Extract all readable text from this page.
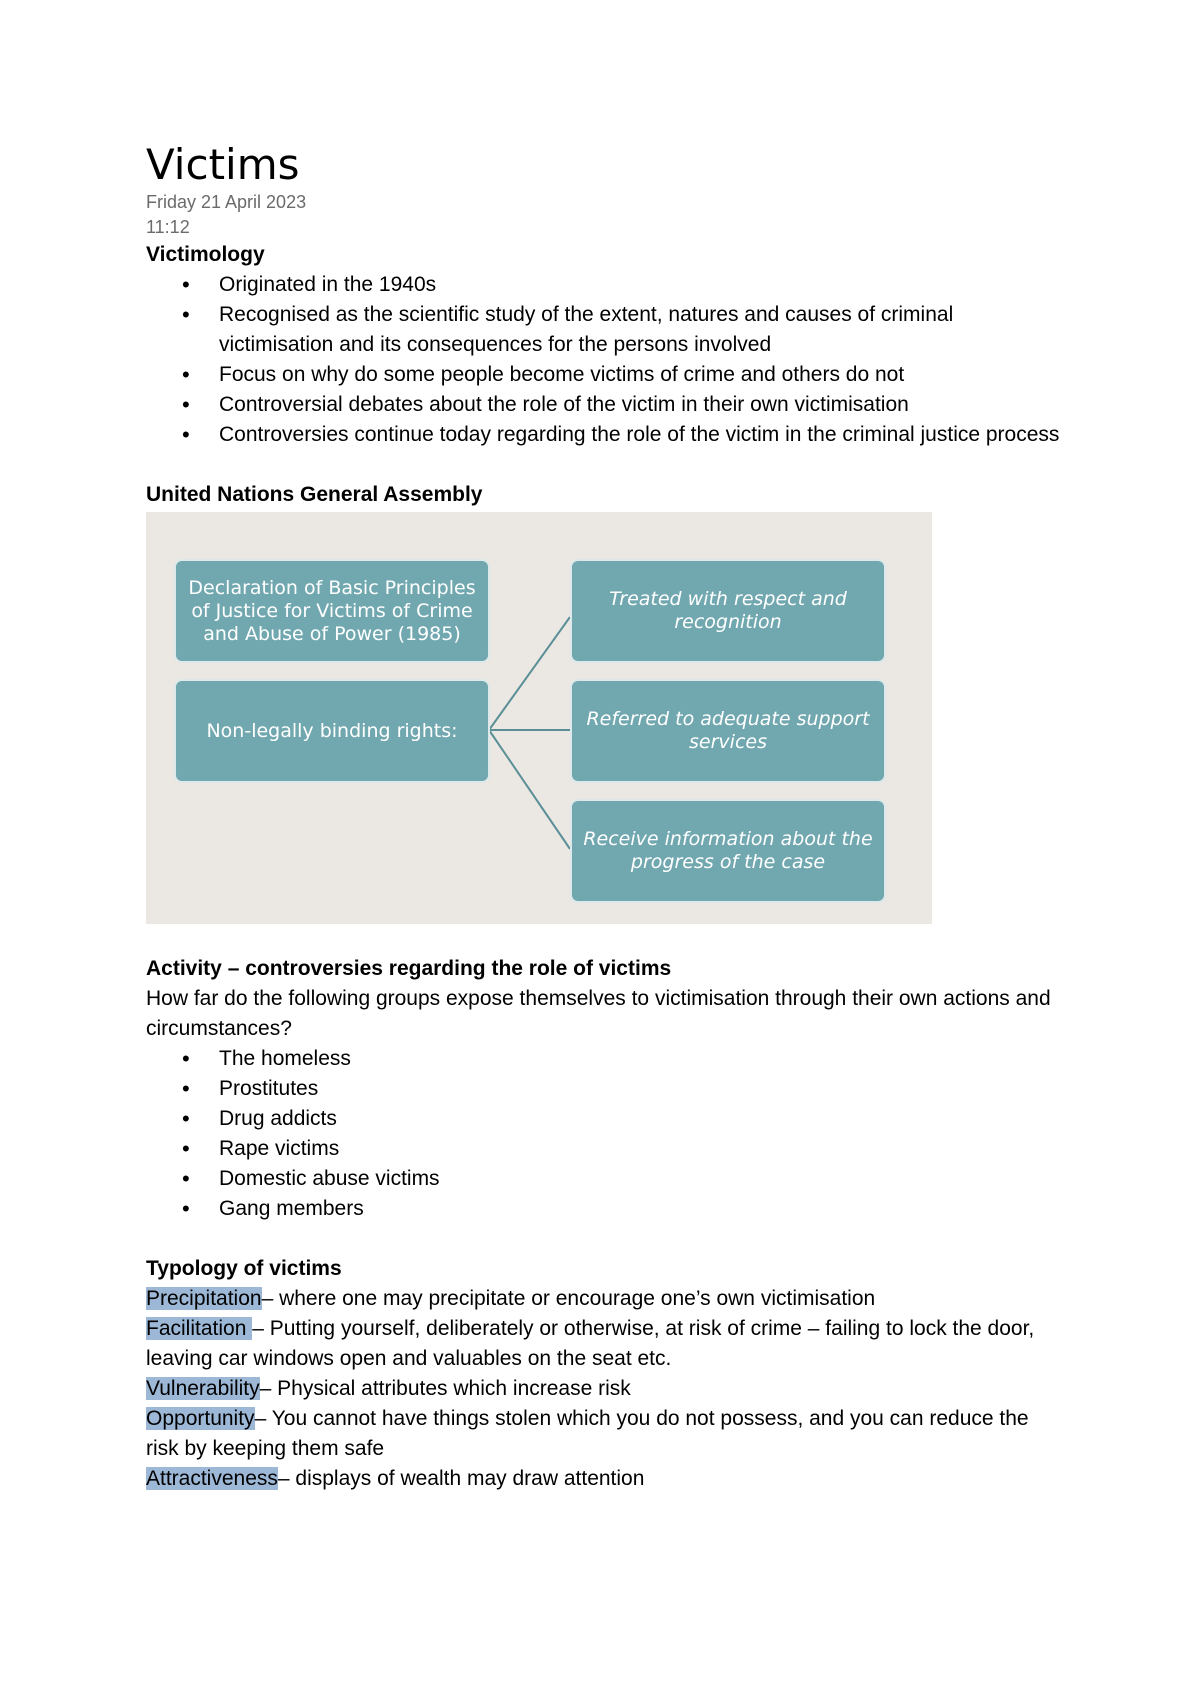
Victims
Friday 21 April 2023
11:12
Victimology
• Originated in the 1940s
• Recognised as the scientific study of the extent, natures and causes of criminal victimisation and its consequences for the persons involved
• Focus on why do some people become victims of crime and others do not
• Controversial debates about the role of the victim in their own victimisation
• Controversies continue today regarding the role of the victim in the criminal justice process
United Nations General Assembly
Declaration of Basic Principles of Justice for Victims of Crime and Abuse of Power (1985)
Non-legally binding rights:
Treated with respect and recognition
Referred to adequate support services
Receive information about the progress of the case
Activity – controversies regarding the role of victims
How far do the following groups expose themselves to victimisation through their own actions and circumstances?
• The homeless
• Prostitutes
• Drug addicts
• Rape victims
• Domestic abuse victims
• Gang members
Typology of victims
Precipitation– where one may precipitate or encourage one’s own victimisation
Facilitation – Putting yourself, deliberately or otherwise, at risk of crime – failing to lock the door, leaving car windows open and valuables on the seat etc.
Vulnerability– Physical attributes which increase risk
Opportunity– You cannot have things stolen which you do not possess, and you can reduce the risk by keeping them safe
Attractiveness– displays of wealth may draw attention
